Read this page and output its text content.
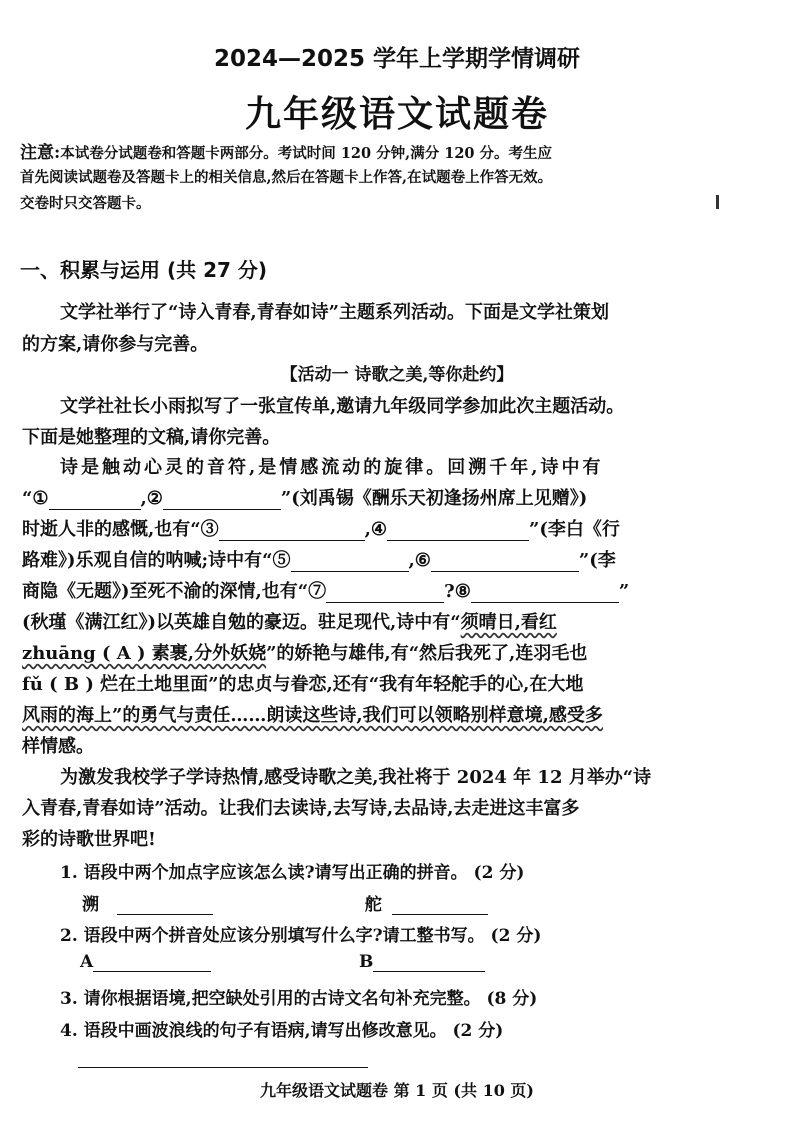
2024—2025 学年上学期学情调研
九年级语文试题卷
注意:本试卷分试题卷和答题卡两部分。考试时间 120 分钟,满分 120 分。考生应
首先阅读试题卷及答题卡上的相关信息,然后在答题卡上作答,在试题卷上作答无效。
交卷时只交答题卡。
一、积累与运用 (共 27 分)
文学社举行了“诗入青春,青春如诗”主题系列活动。下面是文学社策划
的方案,请你参与完善。
【活动一 诗歌之美,等你赴约】
文学社社长小雨拟写了一张宣传单,邀请九年级同学参加此次主题活动。
下面是她整理的文稿,请你完善。
诗是触动心灵的音符,是情感流动的旋律。回溯千年,诗中有
“①	,②	”(刘禹锡《酬乐天初逢扬州席上见赠》)
时逝人非的感慨,也有“③	,④	”(李白《行
路难》)乐观自信的呐喊;诗中有“⑤	,⑥	”(李
商隐《无题》)至死不渝的深情,也有“⑦	?⑧	”
(秋瑾《满江红》)以英雄自勉的豪迈。驻足现代,诗中有“须晴日,看红
zhuāng ( A ) 素裹,分外妖娆”的娇艳与雄伟,有“然后我死了,连羽毛也
fǔ ( B ) 烂在土地里面”的忠贞与眷恋,还有“我有年轻舵手的心,在大地
风雨的海上”的勇气与责任……朗读这些诗,我们可以领略别样意境,感受多
样情感。
为激发我校学子学诗热情,感受诗歌之美,我社将于 2024 年 12 月举办“诗
入青春,青春如诗”活动。让我们去读诗,去写诗,去品诗,去走进这丰富多
彩的诗歌世界吧!
1. 语段中两个加点字应该怎么读?请写出正确的拼音。 (2 分)
溯	舵
2. 语段中两个拼音处应该分别填写什么字?请工整书写。 (2 分)
A	B
3. 请你根据语境,把空缺处引用的古诗文名句补充完整。 (8 分)
4. 语段中画波浪线的句子有语病,请写出修改意见。 (2 分)
九年级语文试题卷 第 1 页 (共 10 页)
